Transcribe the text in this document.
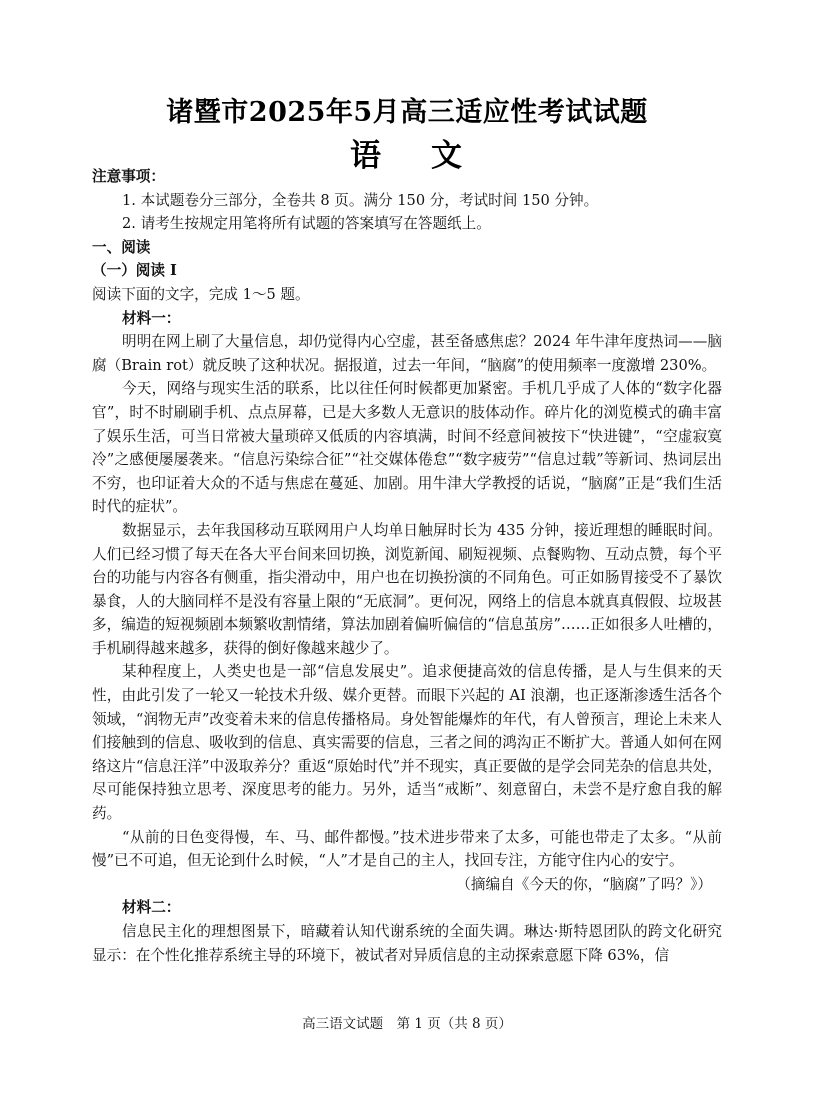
诸暨市2025年5月高三适应性考试试题
语 文

注意事项：

1. 本试题卷分三部分，全卷共 8 页。满分 150 分，考试时间 150 分钟。

2. 请考生按规定用笔将所有试题的答案填写在答题纸上。

一、阅读

（一）阅读 I

阅读下面的文字，完成 1～5 题。

材料一：

明明在网上刷了大量信息，却仍觉得内心空虚，甚至备感焦虑？2024 年牛津年度热词——脑腐（Brain rot）就反映了这种状况。据报道，过去一年间，“脑腐”的使用频率一度激增 230%。

今天，网络与现实生活的联系，比以往任何时候都更加紧密。手机几乎成了人体的“数字化器官”，时不时刷刷手机、点点屏幕，已是大多数人无意识的肢体动作。碎片化的浏览模式的确丰富了娱乐生活，可当日常被大量琐碎又低质的内容填满，时间不经意间被按下“快进键”，“空虚寂寞冷”之感便屡屡袭来。“信息污染综合征”“社交媒体倦怠”“数字疲劳”“信息过载”等新词、热词层出不穷，也印证着大众的不适与焦虑在蔓延、加剧。用牛津大学教授的话说，“脑腐”正是“我们生活时代的症状”。

数据显示，去年我国移动互联网用户人均单日触屏时长为 435 分钟，接近理想的睡眠时间。人们已经习惯了每天在各大平台间来回切换，浏览新闻、刷短视频、点餐购物、互动点赞，每个平台的功能与内容各有侧重，指尖滑动中，用户也在切换扮演的不同角色。可正如肠胃接受不了暴饮暴食，人的大脑同样不是没有容量上限的“无底洞”。更何况，网络上的信息本就真真假假、垃圾甚多，编造的短视频剧本频繁收割情绪，算法加剧着偏听偏信的“信息茧房”……正如很多人吐槽的，手机刷得越来越多，获得的倒好像越来越少了。

某种程度上，人类史也是一部“信息发展史”。追求便捷高效的信息传播，是人与生俱来的天性，由此引发了一轮又一轮技术升级、媒介更替。而眼下兴起的 AI 浪潮，也正逐渐渗透生活各个领域，“润物无声”改变着未来的信息传播格局。身处智能爆炸的年代，有人曾预言，理论上未来人们接触到的信息、吸收到的信息、真实需要的信息，三者之间的鸿沟正不断扩大。普通人如何在网络这片“信息汪洋”中汲取养分？重返“原始时代”并不现实，真正要做的是学会同芜杂的信息共处，尽可能保持独立思考、深度思考的能力。另外，适当“戒断”、刻意留白，未尝不是疗愈自我的解药。

“从前的日色变得慢，车、马、邮件都慢。”技术进步带来了太多，可能也带走了太多。“从前慢”已不可追，但无论到什么时候，“人”才是自己的主人，找回专注，方能守住内心的安宁。

（摘编自《今天的你，“脑腐”了吗？》）

材料二：

信息民主化的理想图景下，暗藏着认知代谢系统的全面失调。琳达·斯特恩团队的跨文化研究显示：在个性化推荐系统主导的环境下，被试者对异质信息的主动探索意愿下降 63%，信

高三语文试题　第 1 页（共 8 页）
